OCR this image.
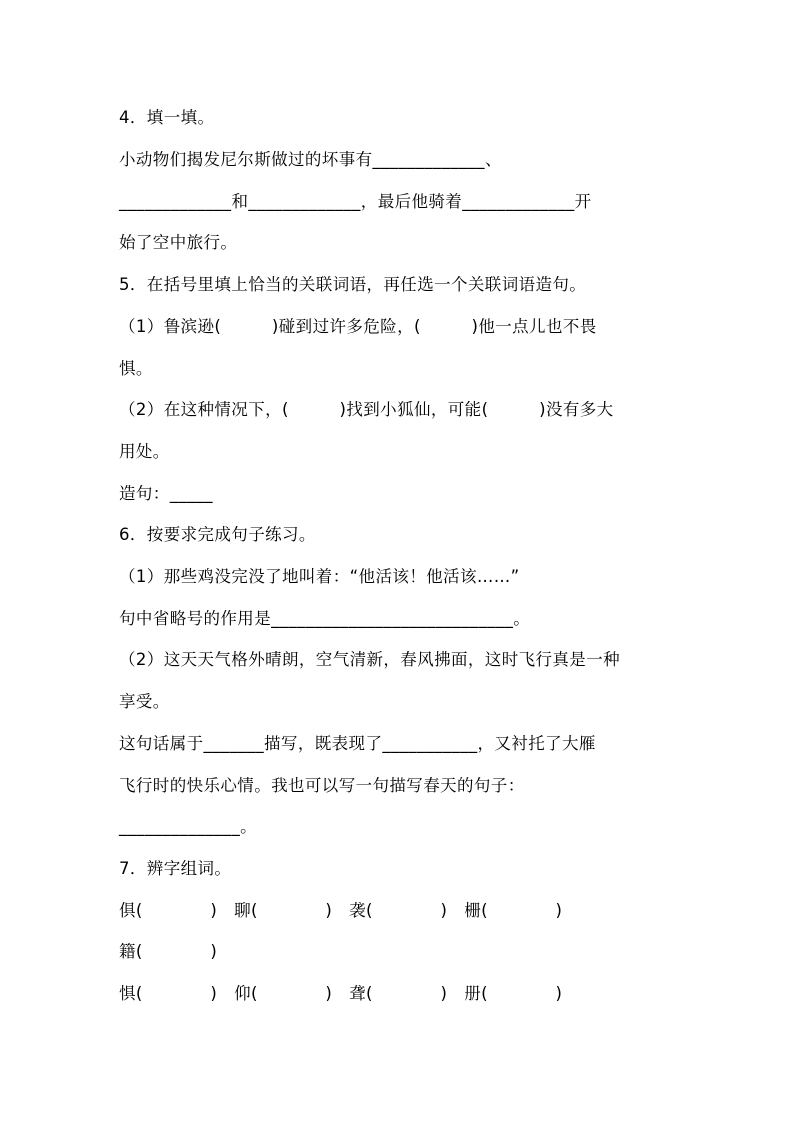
4．填一填。
小动物们揭发尼尔斯做过的坏事有_____________、
_____________和_____________，最后他骑着_____________开
始了空中旅行。
5．在括号里填上恰当的关联词语，再任选一个关联词语造句。
（1）鲁滨逊(　　　)碰到过许多危险，(　　　)他一点儿也不畏
惧。
（2）在这种情况下，(　　　)找到小狐仙，可能(　　　)没有多大
用处。
造句：_____
6．按要求完成句子练习。
（1）那些鸡没完没了地叫着：“他活该！他活该……”
句中省略号的作用是____________________________。
（2）这天天气格外晴朗，空气清新，春风拂面，这时飞行真是一种
享受。
这句话属于_______描写，既表现了___________，又衬托了大雁
飞行时的快乐心情。我也可以写一句描写春天的句子：
______________。
7．辨字组词。
俱(　　　　)　聊(　　　　)　袭(　　　　)　栅(　　　　)
籍(　　　　)
惧(　　　　)　仰(　　　　)　聋(　　　　)　册(　　　　)
